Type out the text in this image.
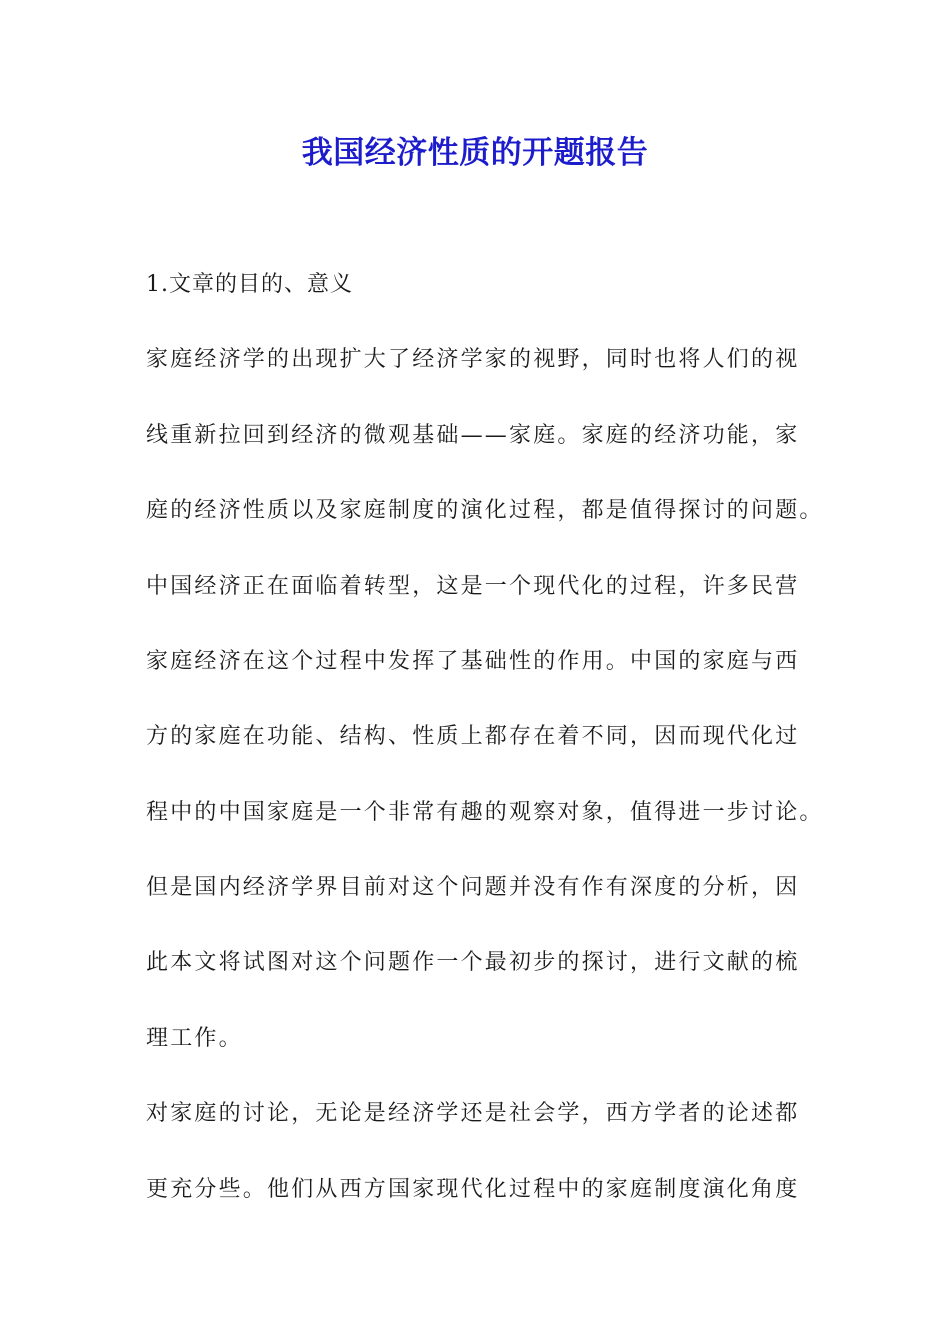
我国经济性质的开题报告
1.文章的目的、意义
家庭经济学的出现扩大了经济学家的视野，同时也将人们的视
线重新拉回到经济的微观基础——家庭。家庭的经济功能，家
庭的经济性质以及家庭制度的演化过程，都是值得探讨的问题。
中国经济正在面临着转型，这是一个现代化的过程，许多民营
家庭经济在这个过程中发挥了基础性的作用。中国的家庭与西
方的家庭在功能、结构、性质上都存在着不同，因而现代化过
程中的中国家庭是一个非常有趣的观察对象，值得进一步讨论。
但是国内经济学界目前对这个问题并没有作有深度的分析，因
此本文将试图对这个问题作一个最初步的探讨，进行文献的梳
理工作。
对家庭的讨论，无论是经济学还是社会学，西方学者的论述都
更充分些。他们从西方国家现代化过程中的家庭制度演化角度
